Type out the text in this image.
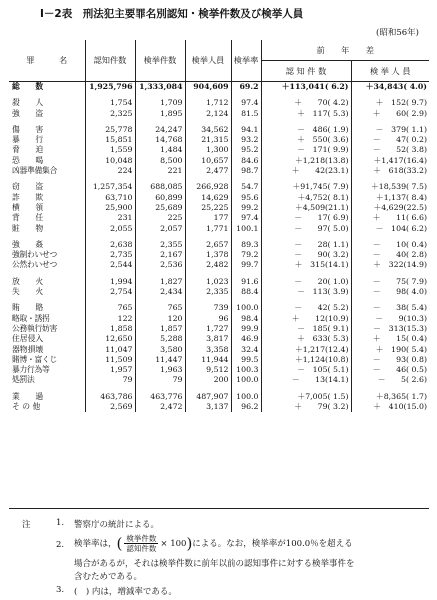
I－2表　刑法犯主要罪名別認知・検挙件数及び検挙人員
(昭和56年)
罪　　　名	認知件数	検挙件数	検挙人員	検挙率	前　　年　　差	
					認 知 件 数	検 挙 人 員

総　　数	1,925,796	1,333,084	904,609	69.2	＋113,041( 6.2)	＋34,843( 4.0)

殺　　人	1,754	1,709	1,712	97.4	＋　　70( 4.2)	＋　152( 9.7)

強　　盗	2,325	1,895	2,124	81.5	＋　117( 5.3)	＋　　60( 2.9)

傷　　害	25,778	24,247	34,562	94.1	－　486( 1.9)	－　379( 1.1)

暴　　行	15,851	14,768	21,315	93.2	＋　550( 3.6)	－　　47( 0.2)

脅　　迫	1,559	1,484	1,300	95.2	－　171( 9.9)	－　　52( 3.8)

恐　　喝	10,048	8,500	10,657	84.6	＋1,218(13.8)	＋1,417(16.4)

凶器準備集合	224	221	2,477	98.7	＋　　42(23.1)	＋　618(33.2)

窃　　盗	1,257,354	688,085	266,928	54.7	＋91,745( 7.9)	＋18,539( 7.5)

詐　　欺	63,710	60,899	14,629	95.6	＋4,752( 8.1)	＋1,137( 8.4)

横　　領	25,900	25,689	25,225	99.2	＋4,509(21.1)	＋4,629(22.5)

背　　任	231	225	177	97.4	－　　17( 6.9)	＋　　11( 6.6)

賍　　物	2,055	2,057	1,771	100.1	－　　97( 5.0)	－　104( 6.2)

強　　姦	2,638	2,355	2,657	89.3	－　　28( 1.1)	－　　10( 0.4)

強制わいせつ	2,735	2,167	1,378	79.2	－　　90( 3.2)	－　　40( 2.8)

公然わいせつ	2,544	2,536	2,482	99.7	＋　315(14.1)	＋　322(14.9)

放　　火	1,994	1,827	1,023	91.6	－　　20( 1.0)	－　　75( 7.9)

失　　火	2,754	2,434	2,335	88.4	－　113( 3.9)	－　　98( 4.0)

賄　　賂	765	765	739	100.0	－　　42( 5.2)	－　　38( 5.4)

略取・誘拐	122	120	96	98.4	＋　　12(10.9)	－　　9(10.3)

公務執行妨害	1,858	1,857	1,727	99.9	－　185( 9.1)	－　313(15.3)

住居侵入	12,650	5,288	3,817	46.9	＋　633( 5.3)	＋　　15( 0.4)

器物損壊	11,047	3,580	3,358	32.4	＋1,217(12.4)	＋　190( 5.4)

賭博・富くじ	11,509	11,447	11,944	99.5	＋1,124(10.8)	－　　93( 0.8)

暴力行為等	1,957	1,963	9,512	100.3	－　105( 5.1)	－　　46( 0.5)

処罰法	79	79	200	100.0	－　　13(14.1)	－　　5( 2.6)

業　　過	463,786	463,776	487,907	100.0	＋7,005( 1.5)	＋8,365( 1.7)

そ の 他	2,569	2,472	3,137	96.2	＋　　79( 3.2)	＋　410(15.0)
注	1. 警察庁の統計による。
2. 検挙率は，( $\frac{\text{検挙件数}}{\text{認知件数}} \times 100$)による。なお，検挙率が100.0％を超える
場合があるが，それは検挙件数に前年以前の認知事件に対する検挙事件を
含むためである。
3. (　) 内は，増減率である。
